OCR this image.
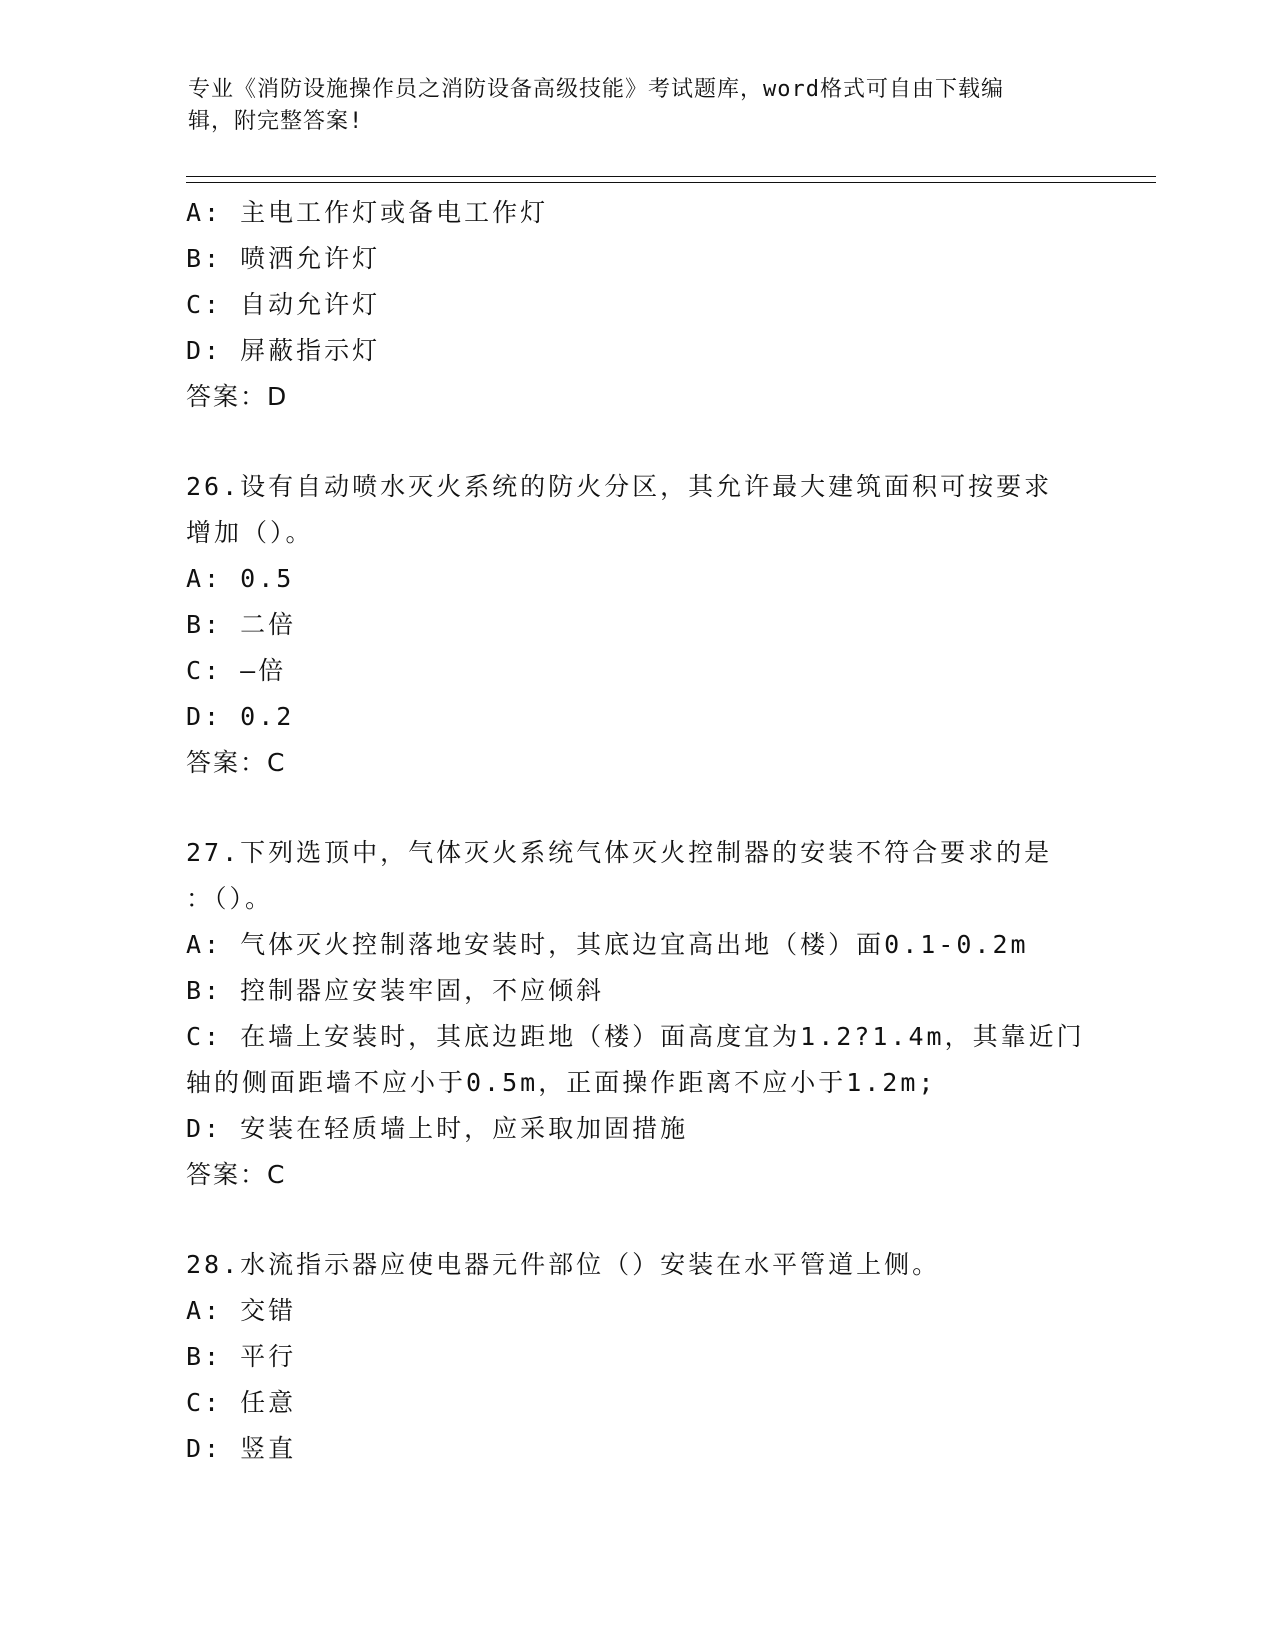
专业《消防设施操作员之消防设备高级技能》考试题库，word格式可自由下载编
辑，附完整答案!
A: 主电工作灯或备电工作灯
B: 喷洒允许灯
C: 自动允许灯
D: 屏蔽指示灯
答案：D
26.设有自动喷水灭火系统的防火分区，其允许最大建筑面积可按要求
增加（）。
A: 0.5
B: 二倍
C: —倍
D: 0.2
答案：C
27.下列选顶中，气体灭火系统气体灭火控制器的安装不符合要求的是
：（）。
A: 气体灭火控制落地安装时，其底边宜高出地（楼）面0.1-0.2m
B: 控制器应安装牢固，不应倾斜
C: 在墙上安装时，其底边距地（楼）面高度宜为1.2?1.4m，其靠近门
轴的侧面距墙不应小于0.5m，正面操作距离不应小于1.2m;
D: 安装在轻质墙上时，应采取加固措施
答案：C
28.水流指示器应使电器元件部位（）安装在水平管道上侧。
A: 交错
B: 平行
C: 任意
D: 竖直
